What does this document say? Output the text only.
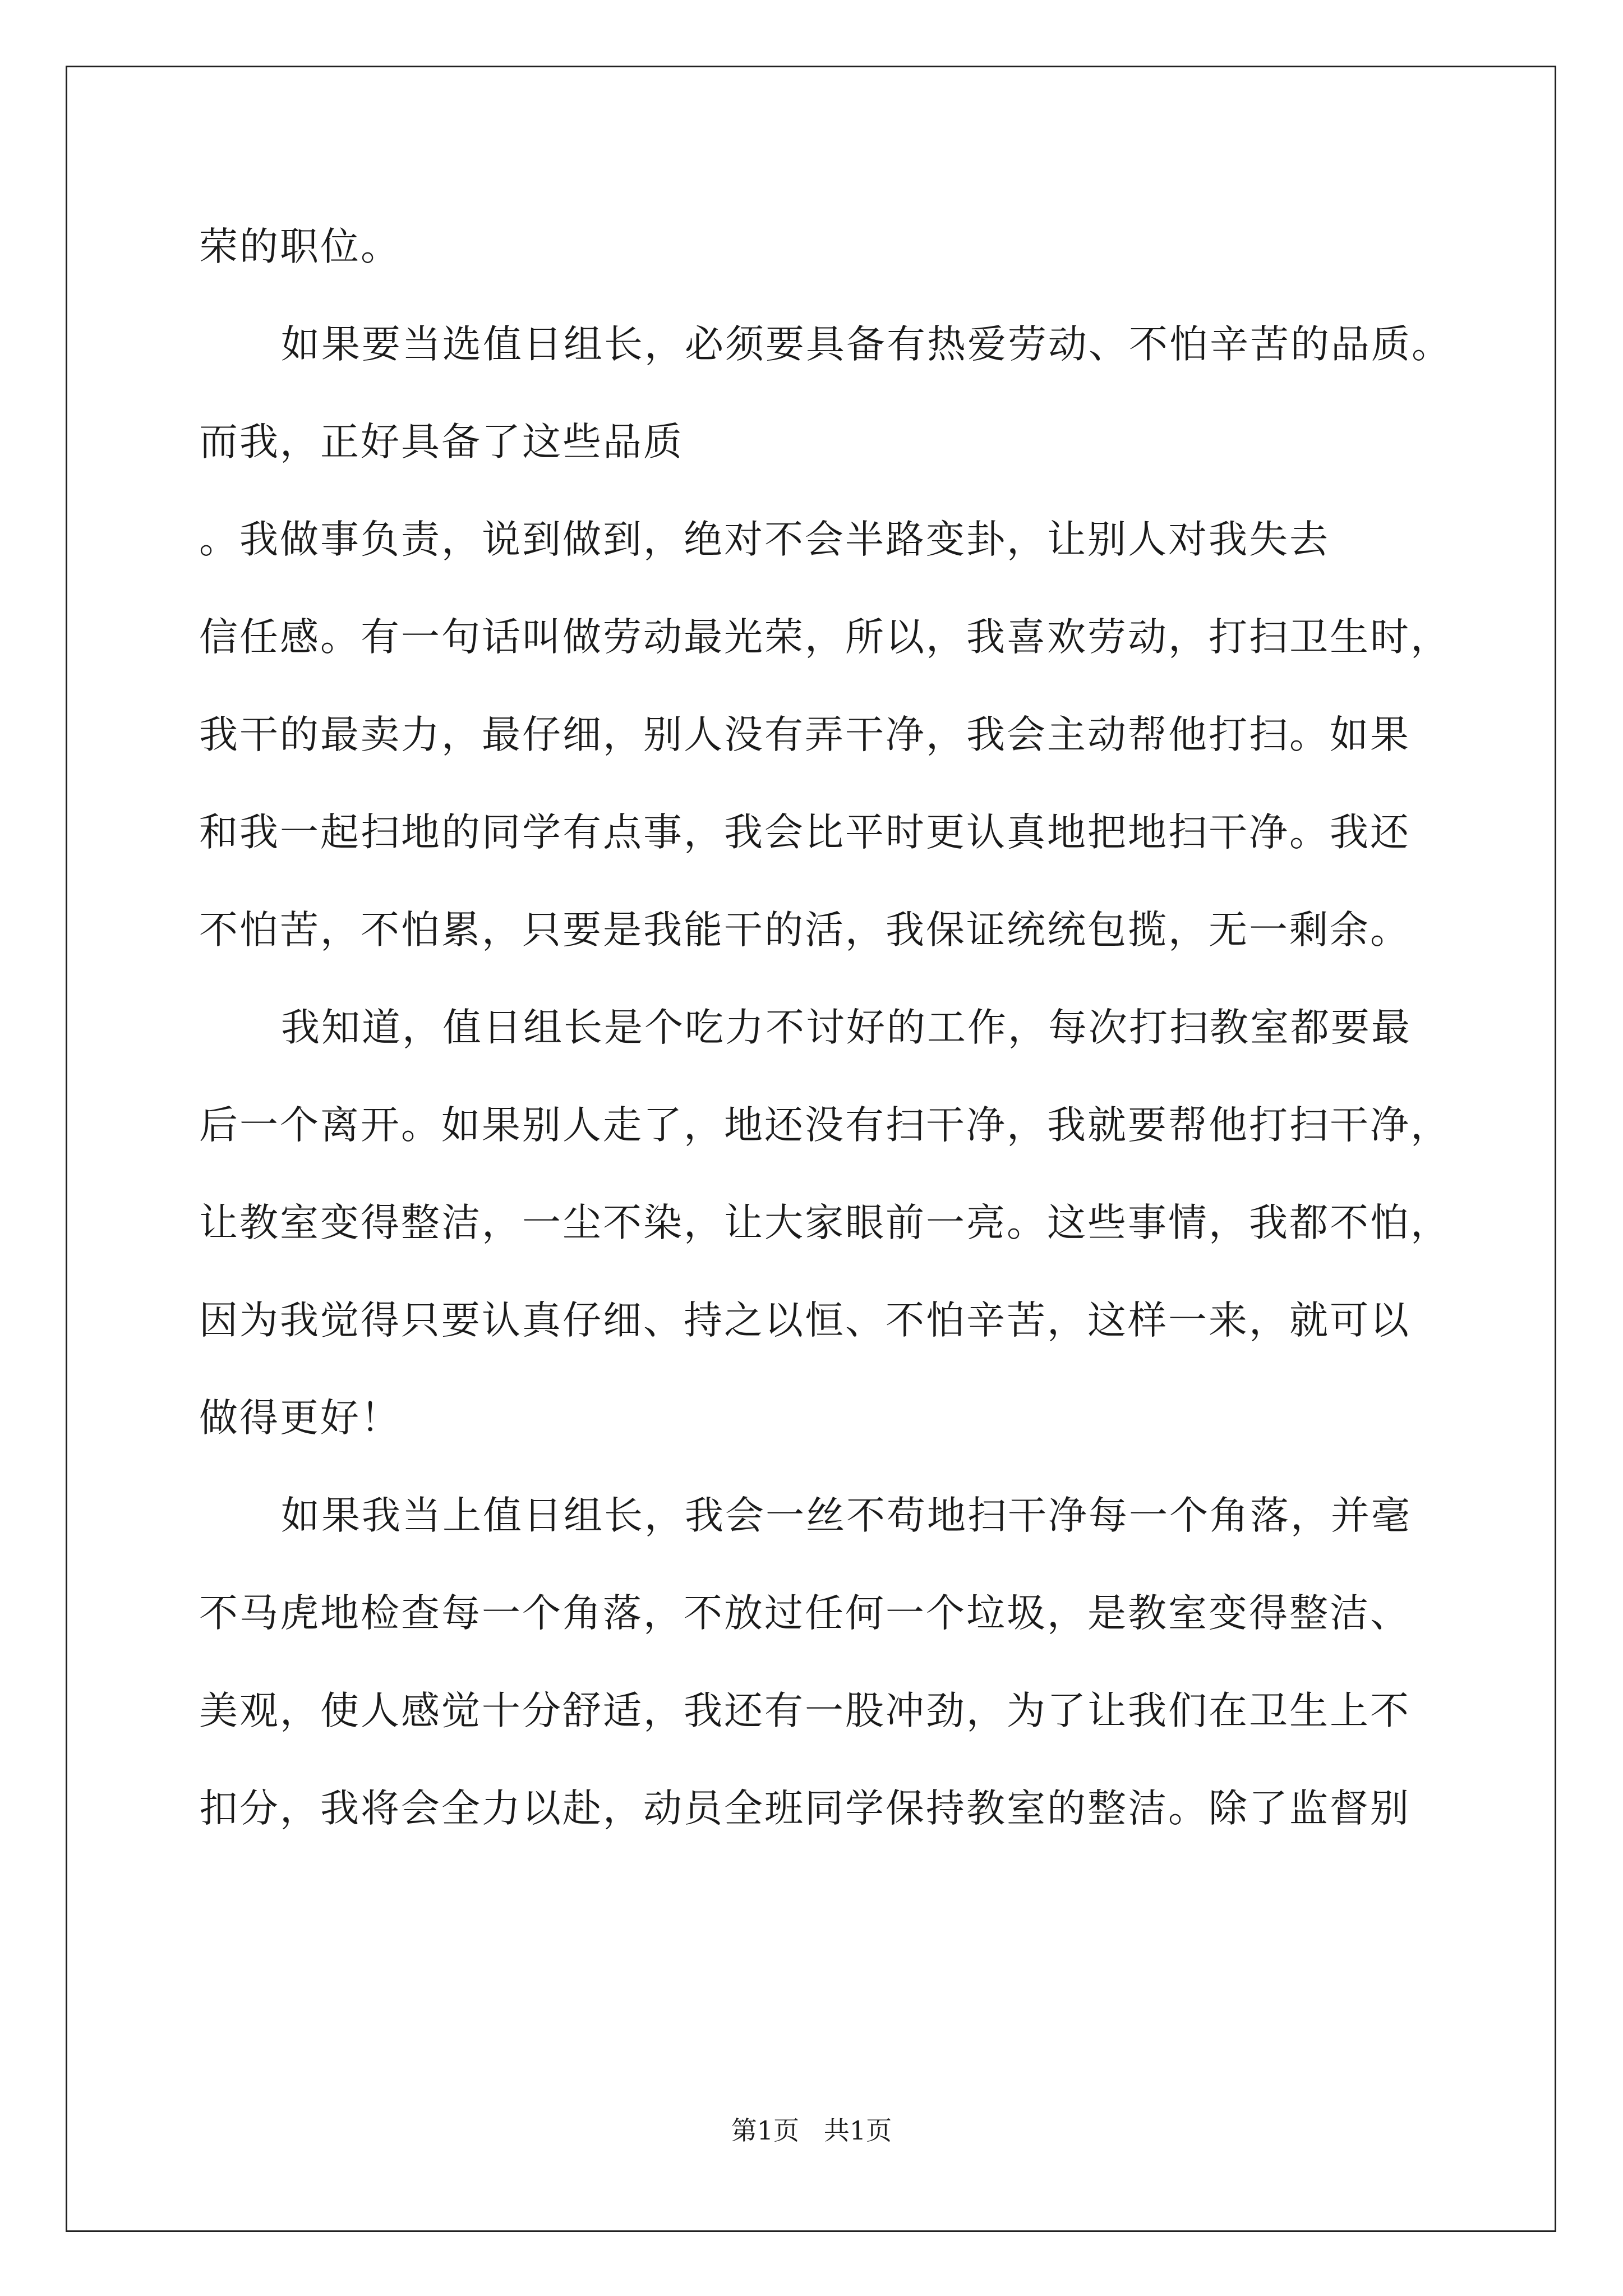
荣的职位。
如果要当选值日组长，必须要具备有热爱劳动、不怕辛苦的品质。
而我，正好具备了这些品质
。我做事负责，说到做到，绝对不会半路变卦，让别人对我失去
信任感。有一句话叫做劳动最光荣，所以，我喜欢劳动，打扫卫生时，
我干的最卖力，最仔细，别人没有弄干净，我会主动帮他打扫。如果
和我一起扫地的同学有点事，我会比平时更认真地把地扫干净。我还
不怕苦，不怕累，只要是我能干的活，我保证统统包揽，无一剩余。
我知道，值日组长是个吃力不讨好的工作，每次打扫教室都要最
后一个离开。如果别人走了，地还没有扫干净，我就要帮他打扫干净，
让教室变得整洁，一尘不染，让大家眼前一亮。这些事情，我都不怕，
因为我觉得只要认真仔细、持之以恒、不怕辛苦，这样一来，就可以
做得更好！
如果我当上值日组长，我会一丝不苟地扫干净每一个角落，并毫
不马虎地检查每一个角落，不放过任何一个垃圾，是教室变得整洁、
美观，使人感觉十分舒适，我还有一股冲劲，为了让我们在卫生上不
扣分，我将会全力以赴，动员全班同学保持教室的整洁。除了监督别
第1页   共1页
